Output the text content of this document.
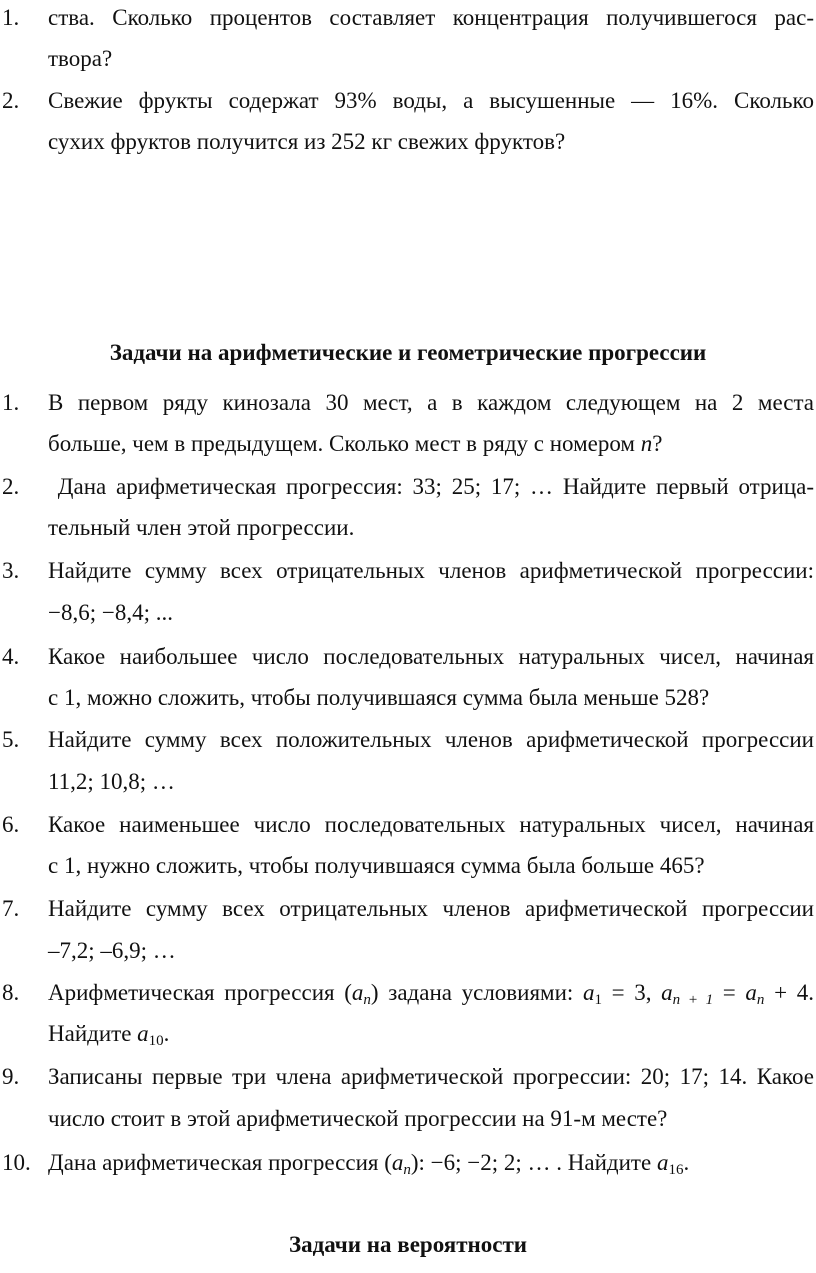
1. ства. Сколько процентов составляет концентрация получившегося рас-
твора?
2. Свежие фрукты содержат 93% воды, а высушенные — 16%. Сколько
сухих фруктов получится из 252 кг свежих фруктов?
Задачи на арифметические и геометрические прогрессии
1. В первом ряду кинозала 30 мест, а в каждом следующем на 2 места
больше, чем в предыдущем. Сколько мест в ряду с номером n?
2. Дана арифметическая прогрессия: 33; 25; 17; … Найдите первый отрица-
тельный член этой прогрессии.
3. Найдите сумму всех отрицательных членов арифметической прогрессии:
−8,6; −8,4; ...
4. Какое наибольшее число последовательных натуральных чисел, начиная
с 1, можно сложить, чтобы получившаяся сумма была меньше 528?
5. Найдите сумму всех положительных членов арифметической прогрессии
11,2; 10,8; …
6. Какое наименьшее число последовательных натуральных чисел, начиная
с 1, нужно сложить, чтобы получившаяся сумма была больше 465?
7. Найдите сумму всех отрицательных членов арифметической прогрессии
–7,2; –6,9; …
8. Арифметическая прогрессия $(a_n)$ задана условиями: $a_1 = 3$, $a_{n + 1} = a_n + 4$.
Найдите $a_{10}$.
9. Записаны первые три члена арифметической прогрессии: 20; 17; 14. Какое
число стоит в этой арифметической прогрессии на 91-м месте?
10. Дана арифметическая прогрессия $(a_n)$: −6; −2; 2; … . Найдите $a_{16}$.
Задачи на вероятности
